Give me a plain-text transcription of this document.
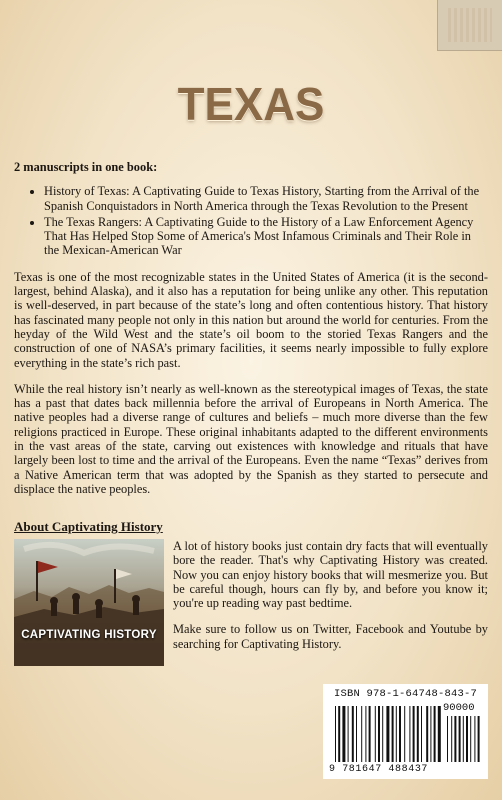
TEXAS

2 manuscripts in one book:

• History of Texas: A Captivating Guide to Texas History, Starting from the Arrival of the Spanish Conquistadors in North America through the Texas Revolution to the Present
• The Texas Rangers: A Captivating Guide to the History of a Law Enforcement Agency That Has Helped Stop Some of America's Most Infamous Criminals and Their Role in the Mexican-American War

Texas is one of the most recognizable states in the United States of America (it is the second-largest, behind Alaska), and it also has a reputation for being unlike any other. This reputation is well-deserved, in part because of the state’s long and often contentious history. That history has fascinated many people not only in this nation but around the world for centuries. From the heyday of the Wild West and the state’s oil boom to the storied Texas Rangers and the construction of one of NASA’s primary facilities, it seems nearly impossible to fully explore everything in the state’s rich past.

While the real history isn’t nearly as well-known as the stereotypical images of Texas, the state has a past that dates back millennia before the arrival of Europeans in North America. The native peoples had a diverse range of cultures and beliefs – much more diverse than the few religions practiced in Europe. These original inhabitants adapted to the different environments in the vast areas of the state, carving out existences with knowledge and rituals that have largely been lost to time and the arrival of the Europeans. Even the name “Texas” derives from a Native American term that was adopted by the Spanish as they started to persecute and displace the native peoples.

About Captivating History
CAPTIVATING HISTORY

A lot of history books just contain dry facts that will eventually bore the reader. That's why Captivating History was created. Now you can enjoy history books that will mesmerize you. But be careful though, hours can fly by, and before you know it; you're up reading way past bedtime.

Make sure to follow us on Twitter, Facebook and Youtube by searching for Captivating History.

ISBN 978-1-64748-843-7
90000
9 781647 488437
